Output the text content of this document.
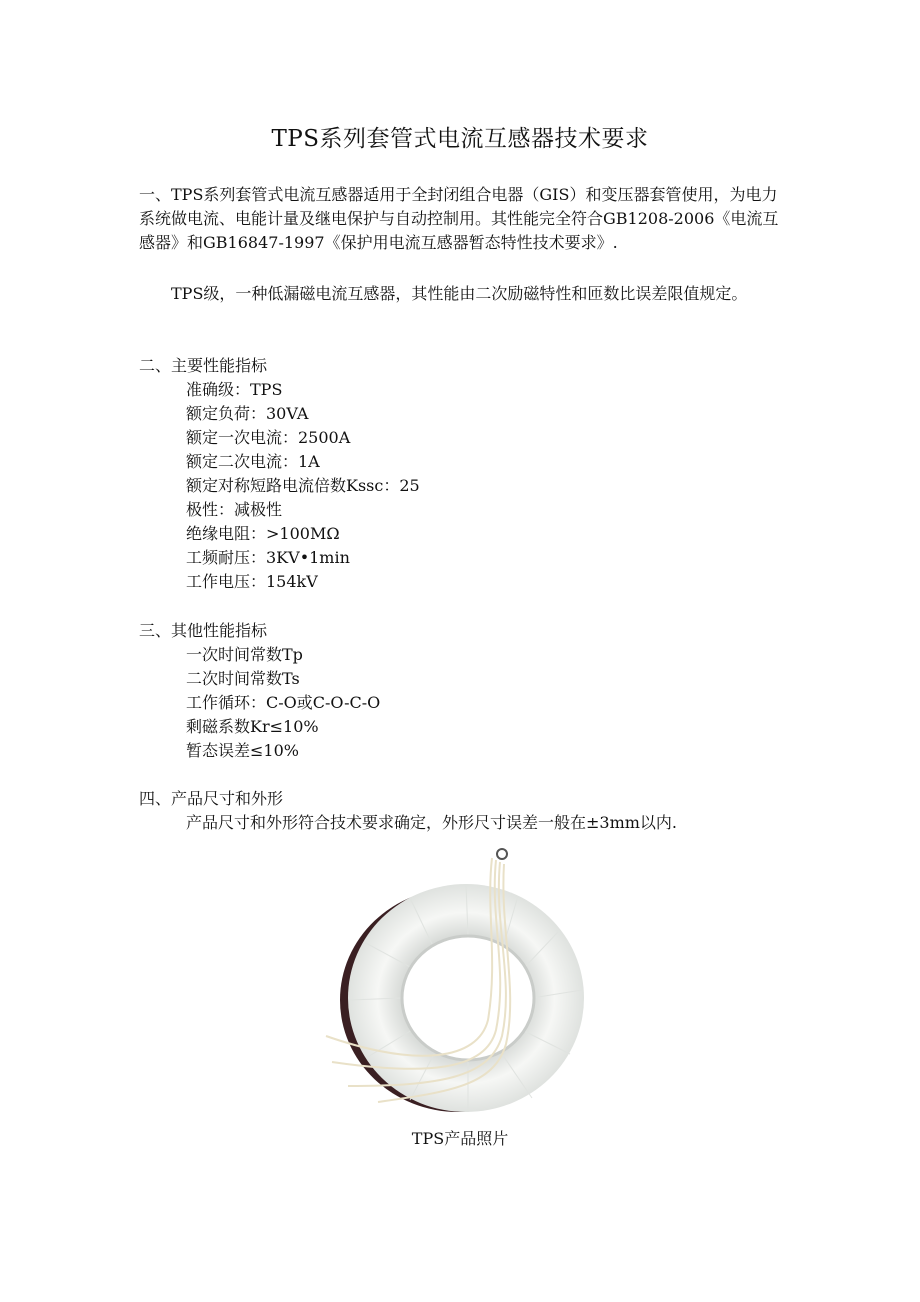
TPS系列套管式电流互感器技术要求
一、TPS系列套管式电流互感器适用于全封闭组合电器（GIS）和变压器套管使用，为电力系统做电流、电能计量及继电保护与自动控制用。其性能完全符合GB1208-2006《电流互感器》和GB16847-1997《保护用电流互感器暂态特性技术要求》.
TPS级，一种低漏磁电流互感器，其性能由二次励磁特性和匝数比误差限值规定。
二、主要性能指标
准确级：TPS
额定负荷：30VA
额定一次电流：2500A
额定二次电流：1A
额定对称短路电流倍数Kssc：25
极性：减极性
绝缘电阻：>100MΩ
工频耐压：3KV•1min
工作电压：154kV
三、其他性能指标
一次时间常数Tp
二次时间常数Ts
工作循环：C-O或C-O-C-O
剩磁系数Kr≤10%
暂态误差≤10%
四、产品尺寸和外形
产品尺寸和外形符合技术要求确定，外形尺寸误差一般在±3mm以内.
TPS产品照片
